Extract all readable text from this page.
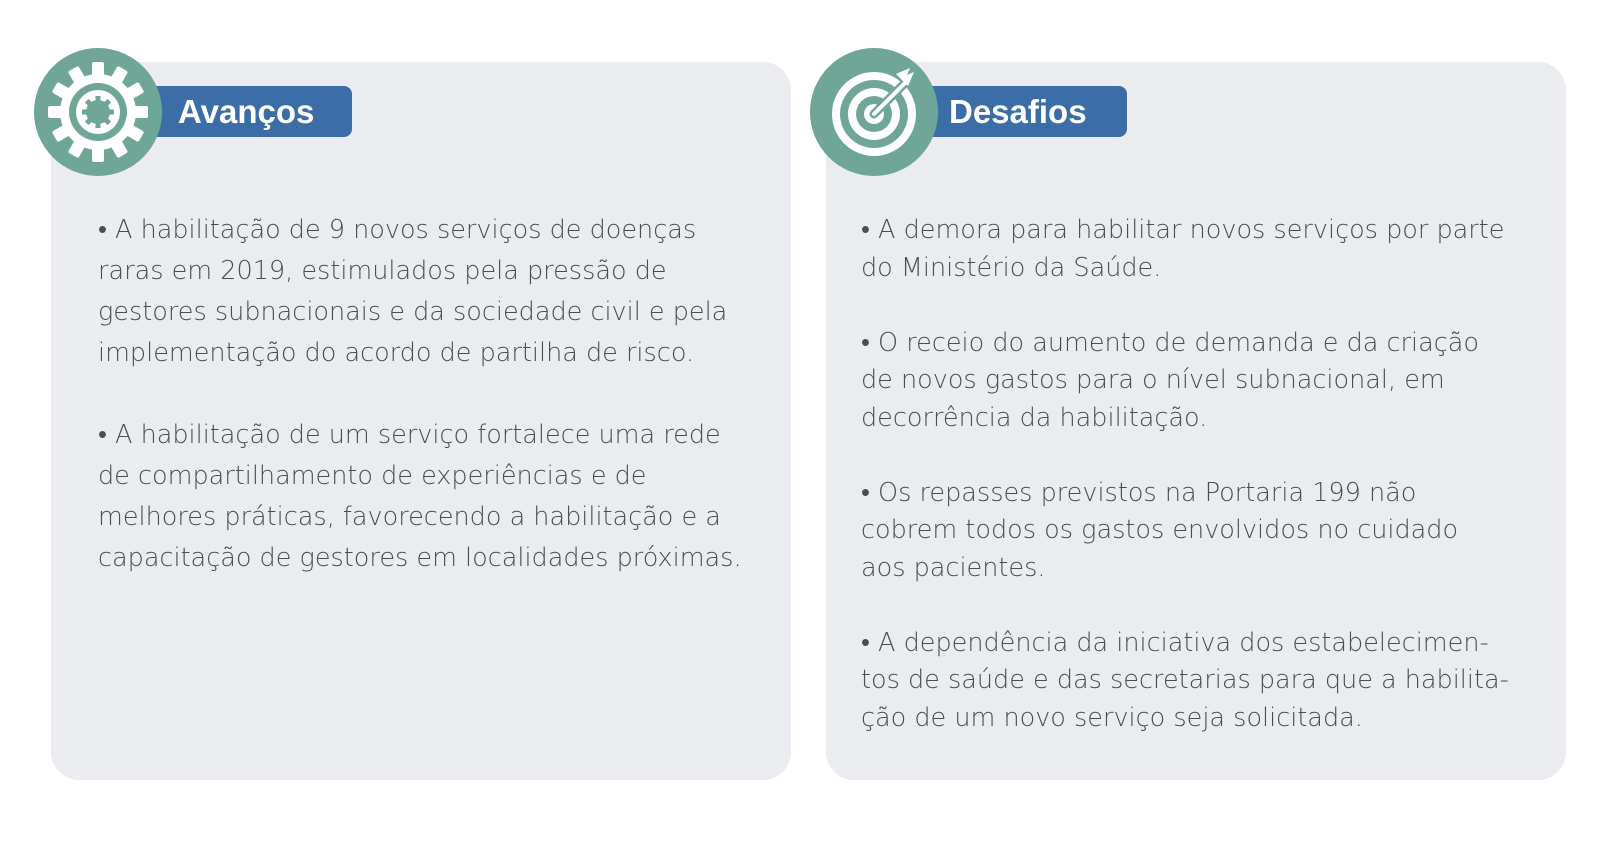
Avanços	Desafios

• A habilitação de 9 novos serviços de doenças
raras em 2019, estimulados pela pressão de
gestores subnacionais e da sociedade civil e pela
implementação do acordo de partilha de risco.

• A habilitação de um serviço fortalece uma rede
de compartilhamento de experiências e de
melhores práticas, favorecendo a habilitação e a
capacitação de gestores em localidades próximas.

• A demora para habilitar novos serviços por parte
do Ministério da Saúde.

• O receio do aumento de demanda e da criação
de novos gastos para o nível subnacional, em
decorrência da habilitação.

• Os repasses previstos na Portaria 199 não
cobrem todos os gastos envolvidos no cuidado
aos pacientes.

• A dependência da iniciativa dos estabelecimen-
tos de saúde e das secretarias para que a habilita-
ção de um novo serviço seja solicitada.
